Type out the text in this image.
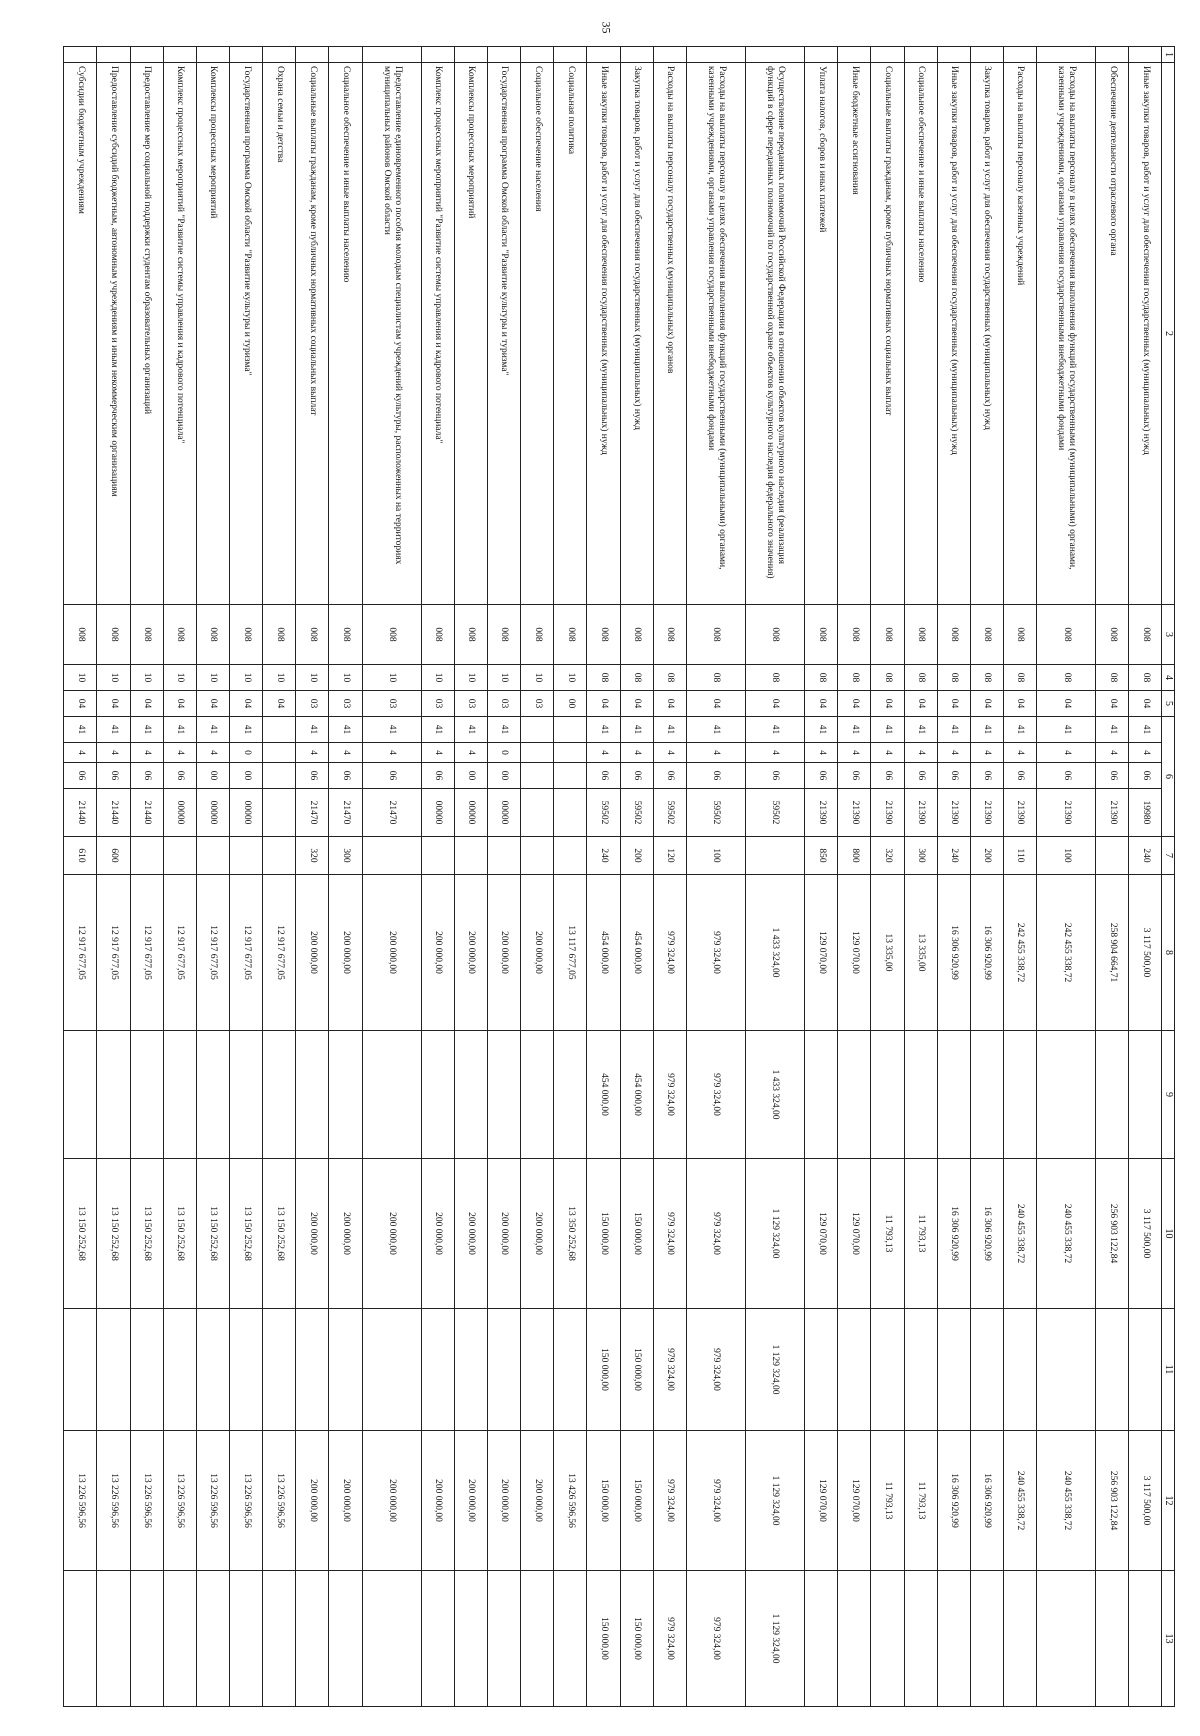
35
1	2	3	4	5	6				7	8	9	10	11	12	13
	Иные закупки товаров, работ и услуг для обеспечения государственных (муниципальных) нужд	008	08	04	41	4	06	19980	240	3 117 500,00		3 117 500,00		3 117 500,00	
	Обеспечение деятельности отраслевого органа	008	08	04	41	4	06	21390		258 904 664,71		256 903 122,84		256 903 122,84	
	Расходы на выплаты персоналу в целях обеспечения выполнения функций государственными (муниципальными) органами, казенными учреждениями, органами управления государственными внебюджетными фондами	008	08	04	41	4	06	21390	100	242 455 338,72		240 455 338,72		240 455 338,72	
	Расходы на выплаты персоналу казенных учреждений	008	08	04	41	4	06	21390	110	242 455 338,72		240 455 338,72		240 455 338,72	
	Закупка товаров, работ и услуг для обеспечения государственных (муниципальных) нужд	008	08	04	41	4	06	21390	200	16 306 920,99		16 306 920,99		16 306 920,99	
	Иные закупки товаров, работ и услуг для обеспечения государственных (муниципальных) нужд	008	08	04	41	4	06	21390	240	16 306 920,99		16 306 920,99		16 306 920,99	
	Социальное обеспечение и иные выплаты населению	008	08	04	41	4	06	21390	300	13 335,00		11 793,13		11 793,13	
	Социальные выплаты гражданам, кроме публичных нормативных социальных выплат	008	08	04	41	4	06	21390	320	13 335,00		11 793,13		11 793,13	
	Иные бюджетные ассигнования	008	08	04	41	4	06	21390	800	129 070,00		129 070,00		129 070,00	
	Уплата налогов, сборов и иных платежей	008	08	04	41	4	06	21390	850	129 070,00		129 070,00		129 070,00	
	Осуществление переданных полномочий Российской Федерации в отношении объектов культурного наследия (реализация функций в сфере переданных полномочий по государственной охране объектов культурного наследия федерального значения)	008	08	04	41	4	06	59502		1 433 324,00	1 433 324,00	1 129 324,00	1 129 324,00	1 129 324,00	1 129 324,00
	Расходы на выплаты персоналу в целях обеспечения выполнения функций государственными (муниципальными) органами, казенными учреждениями, органами управления государственными внебюджетными фондами	008	08	04	41	4	06	59502	100	979 324,00	979 324,00	979 324,00	979 324,00	979 324,00	979 324,00
	Расходы на выплаты персоналу государственных (муниципальных) органов	008	08	04	41	4	06	59502	120	979 324,00	979 324,00	979 324,00	979 324,00	979 324,00	979 324,00
	Закупка товаров, работ и услуг для обеспечения государственных (муниципальных) нужд	008	08	04	41	4	06	59502	200	454 000,00	454 000,00	150 000,00	150 000,00	150 000,00	150 000,00
	Иные закупки товаров, работ и услуг для обеспечения государственных (муниципальных) нужд	008	08	04	41	4	06	59502	240	454 000,00	454 000,00	150 000,00	150 000,00	150 000,00	150 000,00
	Социальная политика	008	10	00						13 117 677,05		13 350 252,68		13 426 596,56	
	Социальное обеспечение населения	008	10	03						200 000,00		200 000,00		200 000,00	
	Государственная программа Омской области "Развитие культуры и туризма"	008	10	03	41	0	00	00000		200 000,00		200 000,00		200 000,00	
	Комплексы процессных мероприятий	008	10	03	41	4	00	00000		200 000,00		200 000,00		200 000,00	
	Комплекс процессных мероприятий "Развитие системы управления и кадрового потенциала"	008	10	03	41	4	06	00000		200 000,00		200 000,00		200 000,00	
	Предоставление единовременного пособия молодым специалистам учреждений культуры, расположенных на территориях муниципальных районов Омской области	008	10	03	41	4	06	21470		200 000,00		200 000,00		200 000,00	
	Социальное обеспечение и иные выплаты населению	008	10	03	41	4	06	21470	300	200 000,00		200 000,00		200 000,00	
	Социальные выплаты гражданам, кроме публичных нормативных социальных выплат	008	10	03	41	4	06	21470	320	200 000,00		200 000,00		200 000,00	
	Охрана семьи и детства	008	10	04						12 917 677,05		13 150 252,68		13 226 596,56	
	Государственная программа Омской области "Развитие культуры и туризма"	008	10	04	41	0	00	00000		12 917 677,05		13 150 252,68		13 226 596,56	
	Комплексы процессных мероприятий	008	10	04	41	4	00	00000		12 917 677,05		13 150 252,68		13 226 596,56	
	Комплекс процессных мероприятий "Развитие системы управления и кадрового потенциала"	008	10	04	41	4	06	00000		12 917 677,05		13 150 252,68		13 226 596,56	
	Предоставление мер социальной поддержки студентам образовательных организаций	008	10	04	41	4	06	21440		12 917 677,05		13 150 252,68		13 226 596,56	
	Предоставление субсидий бюджетным, автономным учреждениям и иным некоммерческим организациям	008	10	04	41	4	06	21440	600	12 917 677,05		13 150 252,68		13 226 596,56	
	Субсидии бюджетным учреждениям	008	10	04	41	4	06	21440	610	12 917 677,05		13 150 252,68		13 226 596,56	
